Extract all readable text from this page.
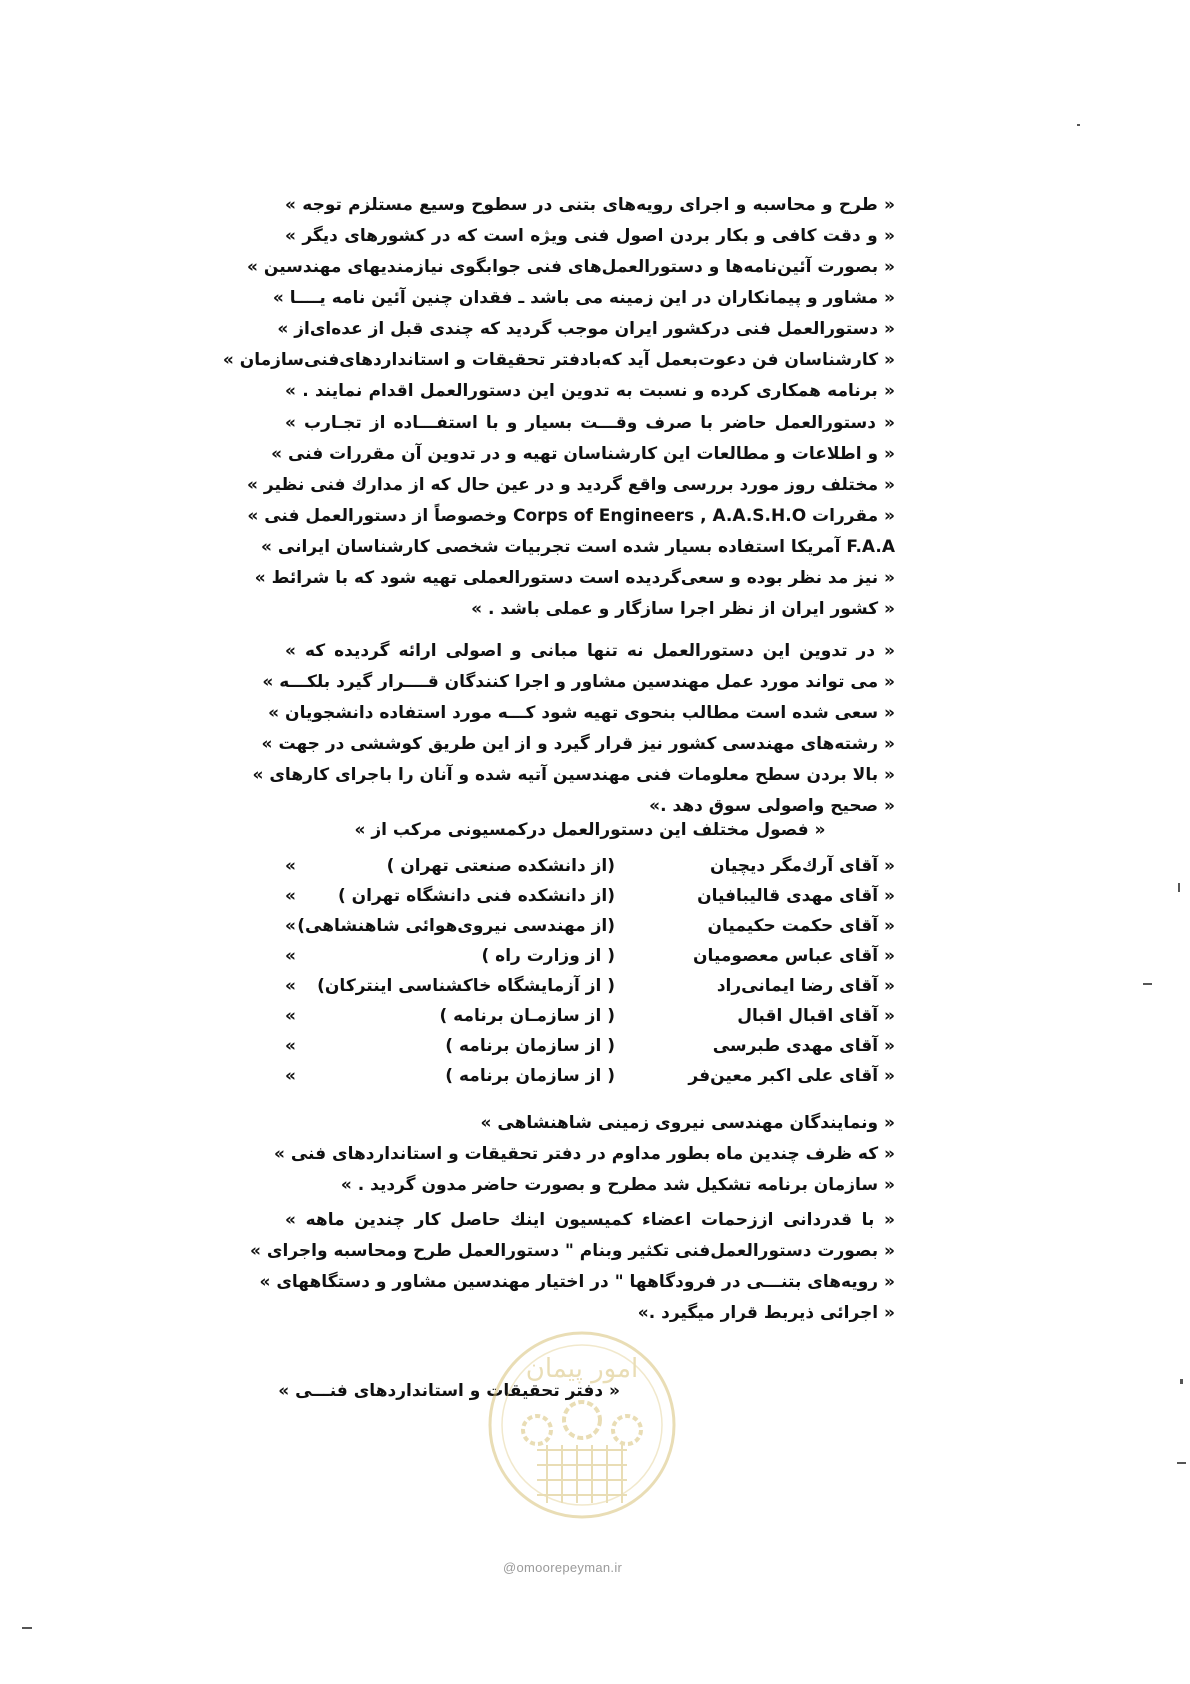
« طرح و محاسبه و اجرای رویه‌های بتنی در سطوح وسیع مستلزم توجه »
« و دقت کافی و بکار بردن اصول فنی ویژه است که در کشورهای دیگر »
« بصورت آئین‌نامه‌ها و دستورالعمل‌های فنی جوابگوی نیازمندیهای مهندسین »
« مشاور و پیمانکاران در این زمینه می باشد ـ فقدان چنین آئین نامه یــــا »
« دستورالعمل فنی درکشور ایران موجب گردید که چندی قبل از عده‌ای‌از »
« کارشناسان فن دعوت‌بعمل آید که‌بادفتر تحقیقات و استانداردهای‌فنی‌سازمان »
« برنامه همکاری کرده و نسبت به تدوین این دستورالعمل اقدام نمایند . »
« دستورالعمل حاضر با صرف وقـــت بسیار و با استفـــاده از تجـارب »
« و اطلاعات و مطالعات این کارشناسان تهیه و در تدوین آن مقررات فنی »
« مختلف روز مورد بررسی واقع گردید و در عین حال که از مدارك فنی نظیر »
« مقررات Corps of Engineers , A.A.S.H.O وخصوصاً از دستورالعمل فنی »
F.A.A آمریکا استفاده بسیار شده است تجربیات شخصی کارشناسان ایرانی »
« نیز مد نظر بوده و سعی‌گردیده است دستورالعملی تهیه شود که با شرائط »
« کشور ایران از نظر اجرا سازگار و عملی باشد . »
« در تدوین این دستورالعمل نه تنها مبانی و اصولی ارائه گردیده که »
« می تواند مورد عمل مهندسین مشاور و اجرا کنندگان قــــرار گیرد بلکـــه »
« سعی شده است مطالب بنحوی تهیه شود کـــه مورد استفاده دانشجویان »
« رشته‌های مهندسی کشور نیز قرار گیرد و از این طریق کوششی در جهت »
« بالا بردن سطح معلومات فنی مهندسین آتیه شده و آنان را باجرای کارهای »
« صحیح واصولی سوق دهد .»
« فصول مختلف این دستورالعمل درکمسیونی مرکب از »
« آقای آرك‌مگر دیچیان
(از دانشکده صنعتی تهران )
»
« آقای مهدی قالیبافیان
(از دانشکده فنی دانشگاه تهران )
»
« آقای حکمت حکیمیان
(از مهندسی نیروی‌هوائی شاهنشاهی)
»
« آقای عباس معصومیان
( از وزارت راه )
»
« آقای رضا ایمانی‌راد
( از آزمایشگاه خاکشناسی اینترکان)
»
« آقای اقبال اقبال
( از سازمـان برنامه )
»
« آقای مهدی طبرسی
( از سازمان برنامه )
»
« آقای علی اکبر معین‌فر
( از سازمان برنامه )
»
« ونمایندگان مهندسی نیروی زمینی شاهنشاهی »
« که ظرف چندین ماه بطور مداوم در دفتر تحقیقات و استانداردهای فنی »
« سازمان برنامه تشکیل شد مطرح و بصورت حاضر مدون گردید . »
« با قدردانی اززحمات اعضاء کمیسیون اینك حاصل کار چندین ماهه »
« بصورت دستورالعمل‌فنی تکثیر وبنام " دستورالعمل طرح ومحاسبه واجرای »
« رویه‌های بتنـــی در فرودگاهها " در اختیار مهندسین مشاور و دستگاههای »
« اجرائی ذیربط قرار میگیرد .»
« دفتر تحقیقات و استانداردهای فنـــی »
امور پیمان
@omoorepeyman.ir
